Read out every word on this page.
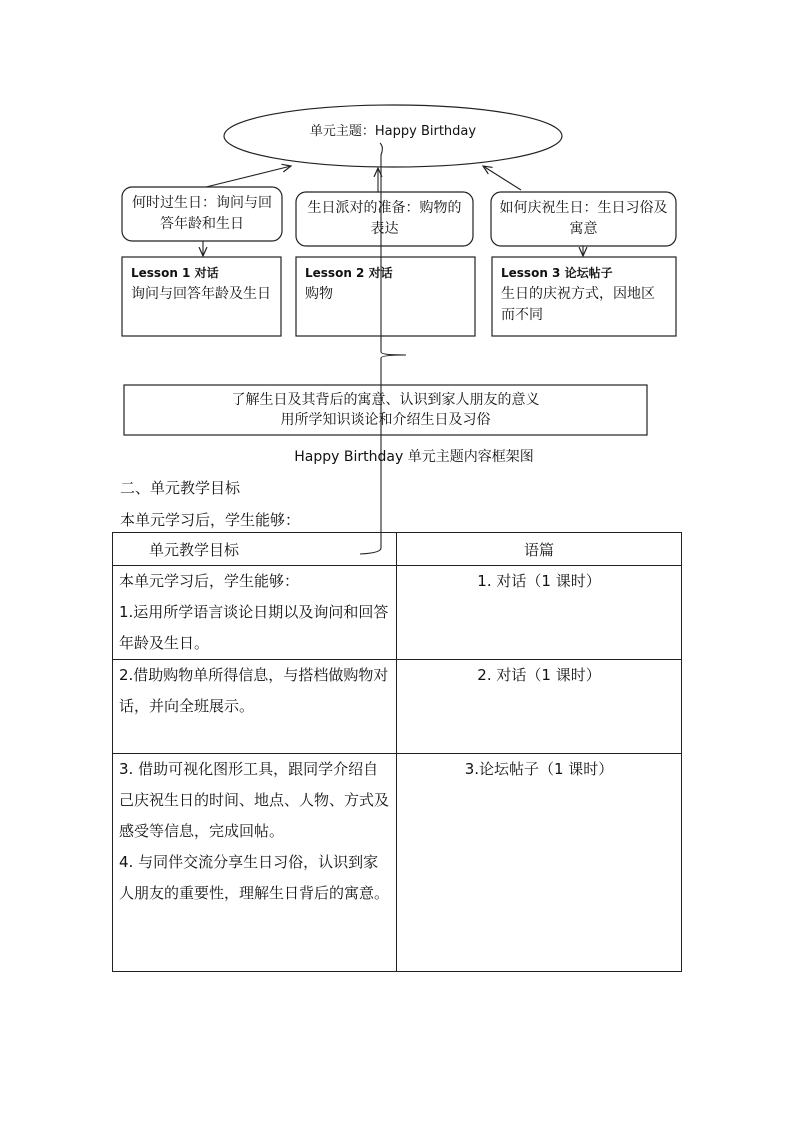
单元主题：Happy Birthday
何时过生日：询问与回答年龄和生日
生日派对的准备：购物的表达
如何庆祝生日：生日习俗及寓意
Lesson 1 对话
询问与回答年龄及生日
Lesson 2 对话
购物
Lesson 3 论坛帖子
生日的庆祝方式，因地区而不同
了解生日及其背后的寓意、认识到家人朋友的意义
用所学知识谈论和介绍生日及习俗
Happy Birthday 单元主题内容框架图
二、单元教学目标
本单元学习后，学生能够：
单元教学目标	语篇

本单元学习后，学生能够：

1.运用所学语言谈论日期以及询问和回答年龄及生日。	1. 对话（1 课时）

2.借助购物单所得信息，与搭档做购物对话，并向全班展示。	2. 对话（1 课时）

3. 借助可视化图形工具，跟同学介绍自己庆祝生日的时间、地点、人物、方式及感受等信息，完成回帖。

4. 与同伴交流分享生日习俗，认识到家人朋友的重要性，理解生日背后的寓意。	3.论坛帖子（1 课时）
